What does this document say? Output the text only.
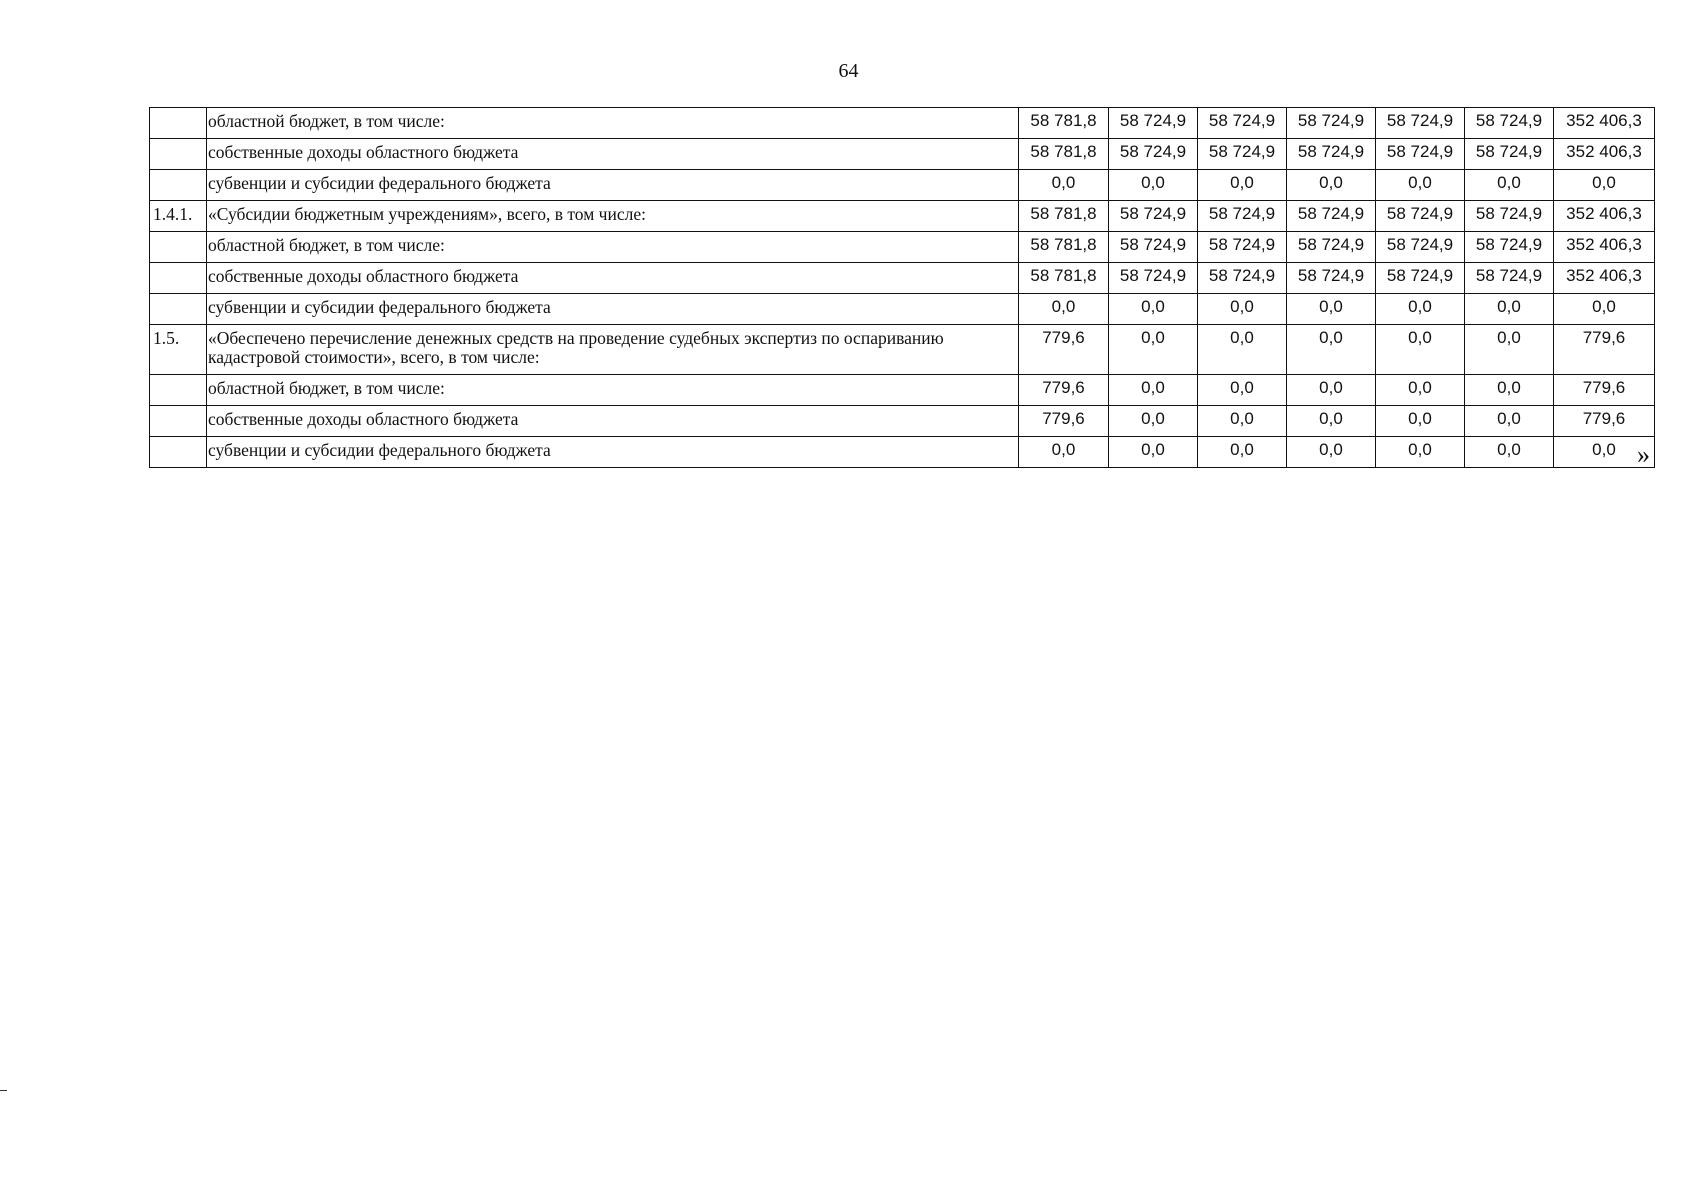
64
	областной бюджет, в том числе:	58 781,8	58 724,9	58 724,9	58 724,9	58 724,9	58 724,9	352 406,3
	собственные доходы областного бюджета	58 781,8	58 724,9	58 724,9	58 724,9	58 724,9	58 724,9	352 406,3
	субвенции и субсидии федерального бюджета	0,0	0,0	0,0	0,0	0,0	0,0	0,0
1.4.1.	«Субсидии бюджетным учреждениям», всего, в том числе:	58 781,8	58 724,9	58 724,9	58 724,9	58 724,9	58 724,9	352 406,3
	областной бюджет, в том числе:	58 781,8	58 724,9	58 724,9	58 724,9	58 724,9	58 724,9	352 406,3
	собственные доходы областного бюджета	58 781,8	58 724,9	58 724,9	58 724,9	58 724,9	58 724,9	352 406,3
	субвенции и субсидии федерального бюджета	0,0	0,0	0,0	0,0	0,0	0,0	0,0
1.5.	«Обеспечено перечисление денежных средств на проведение судебных экспертиз по оспариванию кадастровой стоимости», всего, в том числе:	779,6	0,0	0,0	0,0	0,0	0,0	779,6
	областной бюджет, в том числе:	779,6	0,0	0,0	0,0	0,0	0,0	779,6
	собственные доходы областного бюджета	779,6	0,0	0,0	0,0	0,0	0,0	779,6
	субвенции и субсидии федерального бюджета	0,0	0,0	0,0	0,0	0,0	0,0	0,0 »
